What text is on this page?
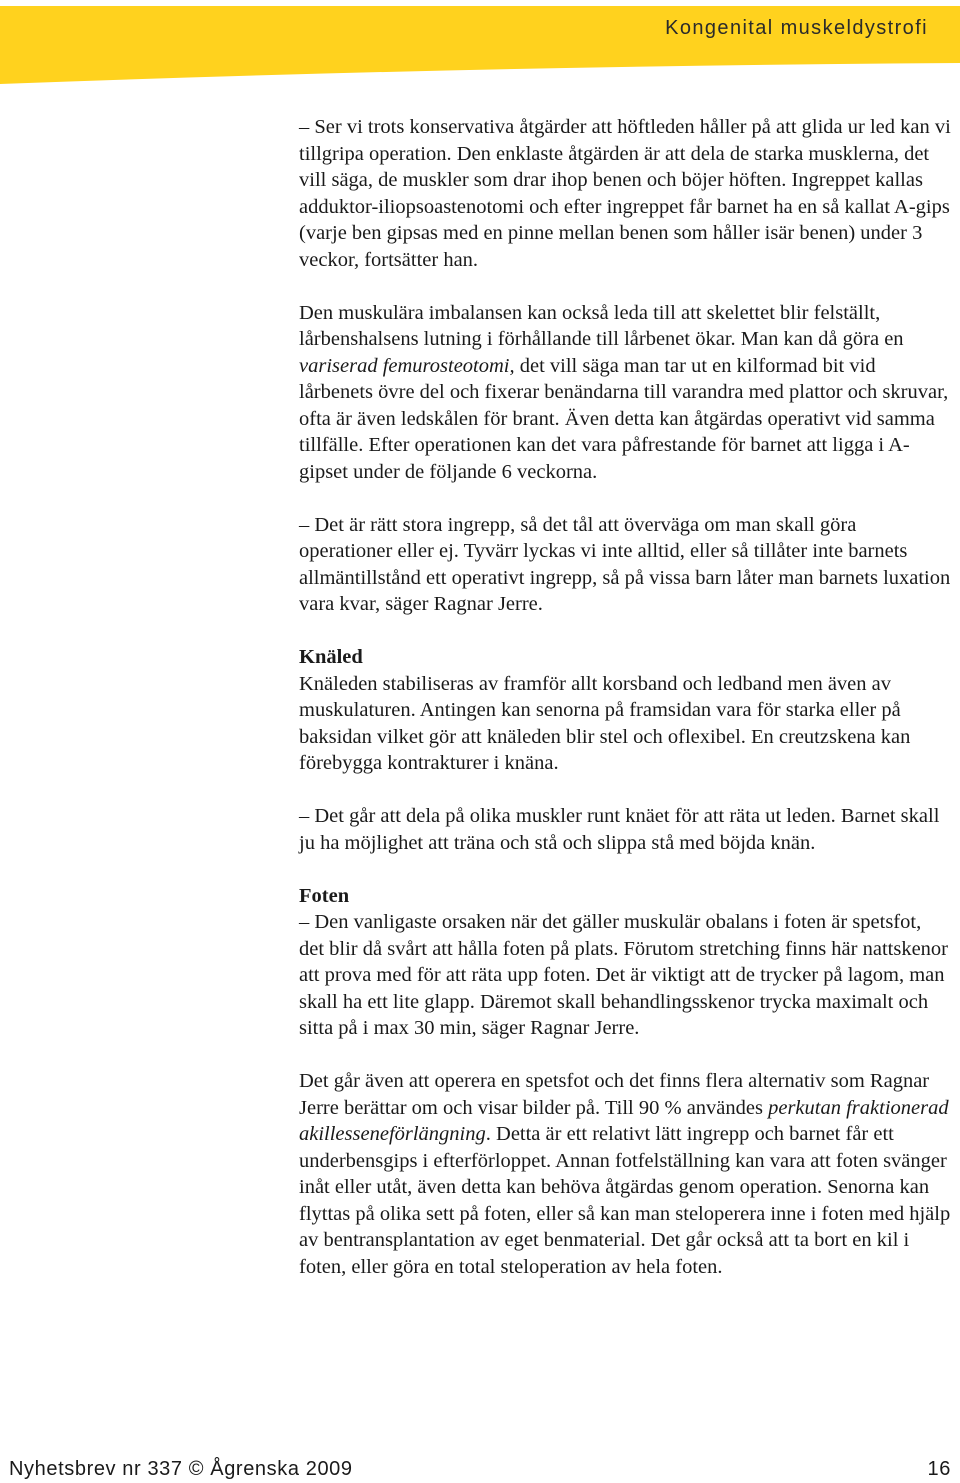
Kongenital muskeldystrofi

– Ser vi trots konservativa åtgärder att höftleden håller på att glida ur led kan vi tillgripa operation. Den enklaste åtgärden är att dela de starka musklerna, det vill säga, de muskler som drar ihop benen och böjer höften. Ingreppet kallas adduktor-iliopsoastenotomi och efter ingreppet får barnet ha en så kallat A-gips (varje ben gipsas med en pinne mellan benen som håller isär benen) under 3 veckor, fortsätter han.

Den muskulära imbalansen kan också leda till att skelettet blir felställt, lårbenshalsens lutning i förhållande till lårbenet ökar. Man kan då göra en variserad femurosteotomi, det vill säga man tar ut en kilformad bit vid lårbenets övre del och fixerar benändarna till varandra med plattor och skruvar, ofta är även ledskålen för brant. Även detta kan åtgärdas operativt vid samma tillfälle. Efter operationen kan det vara påfrestande för barnet att ligga i A-gipset under de följande 6 veckorna.

– Det är rätt stora ingrepp, så det tål att överväga om man skall göra operationer eller ej. Tyvärr lyckas vi inte alltid, eller så tillåter inte barnets allmäntillstånd ett operativt ingrepp, så på vissa barn låter man barnets luxation vara kvar, säger Ragnar Jerre.

Knäled

Knäleden stabiliseras av framför allt korsband och ledband men även av muskulaturen. Antingen kan senorna på framsidan vara för starka eller på baksidan vilket gör att knäleden blir stel och oflexibel. En creutzskena kan förebygga kontrakturer i knäna.

– Det går att dela på olika muskler runt knäet för att räta ut leden. Barnet skall ju ha möjlighet att träna och stå och slippa stå med böjda knän.

Foten

– Den vanligaste orsaken när det gäller muskulär obalans i foten är spetsfot, det blir då svårt att hålla foten på plats. Förutom stretching finns här nattskenor att prova med för att räta upp foten. Det är viktigt att de trycker på lagom, man skall ha ett lite glapp. Däremot skall behandlingsskenor trycka maximalt och sitta på i max 30 min, säger Ragnar Jerre.

Det går även att operera en spetsfot och det finns flera alternativ som Ragnar Jerre berättar om och visar bilder på. Till 90 % användes perkutan fraktionerad akillesseneförlängning. Detta är ett relativt lätt ingrepp och barnet får ett underbensgips i efterförloppet. Annan fotfelställning kan vara att foten svänger inåt eller utåt, även detta kan behöva åtgärdas genom operation. Senorna kan flyttas på olika sett på foten, eller så kan man steloperera inne i foten med hjälp av bentransplantation av eget benmaterial. Det går också att ta bort en kil i foten, eller göra en total steloperation av hela foten.

Nyhetsbrev nr 337 © Ågrenska 2009	16
